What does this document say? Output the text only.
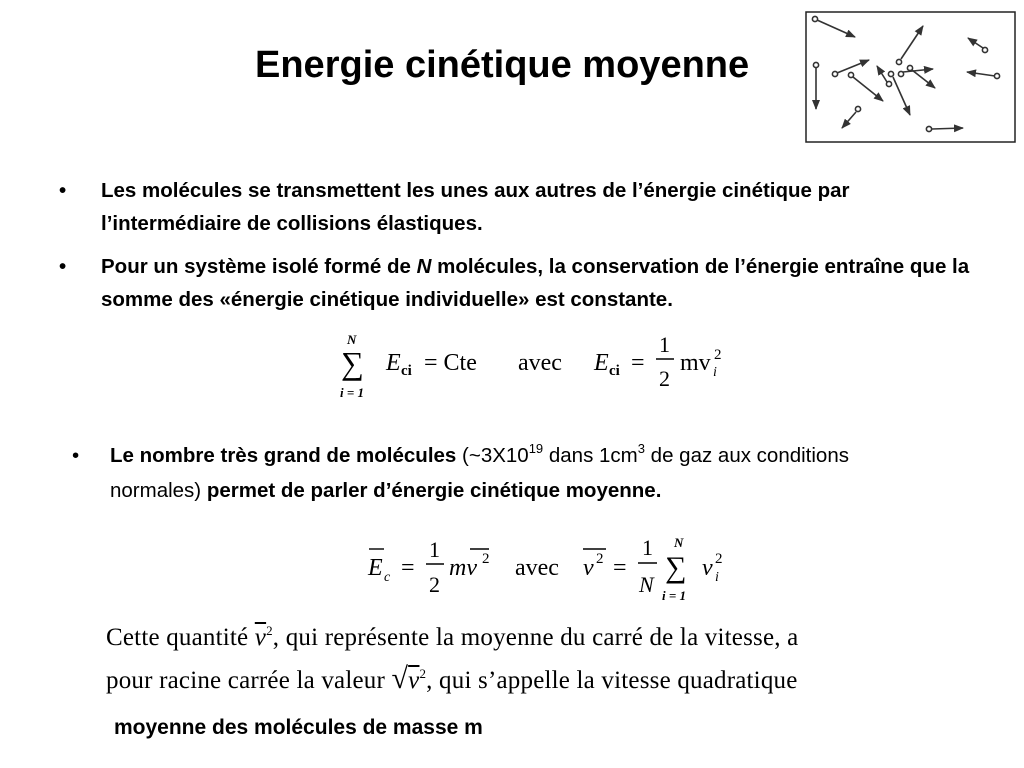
Energie cinétique moyenne
• Les molécules se transmettent les unes aux autres de l’énergie cinétique par l’intermédiaire de collisions élastiques.
• Pour un système isolé formé de N molécules, la conservation de l’énergie entraîne que la somme des «énergie cinétique individuelle» est constante.
N
∑
i = 1
E ci = Cte avec E ci =
1
2
mv i
2
• Le nombre très grand de molécules ($\sim 3X10^{19}$ dans $1cm^3$ de gaz aux conditions normales) permet de parler d’énergie cinétique moyenne.
E c =
1
2
mv 2 avec v 2 =
1
N
N
∑
i = 1
v i
2
Cette quantité $\overline{v}^2$, qui représente la moyenne du carré de la vitesse, a
pour racine carrée la valeur $√v^2$, qui s’appelle la vitesse quadratique
moyenne des molécules de masse m
